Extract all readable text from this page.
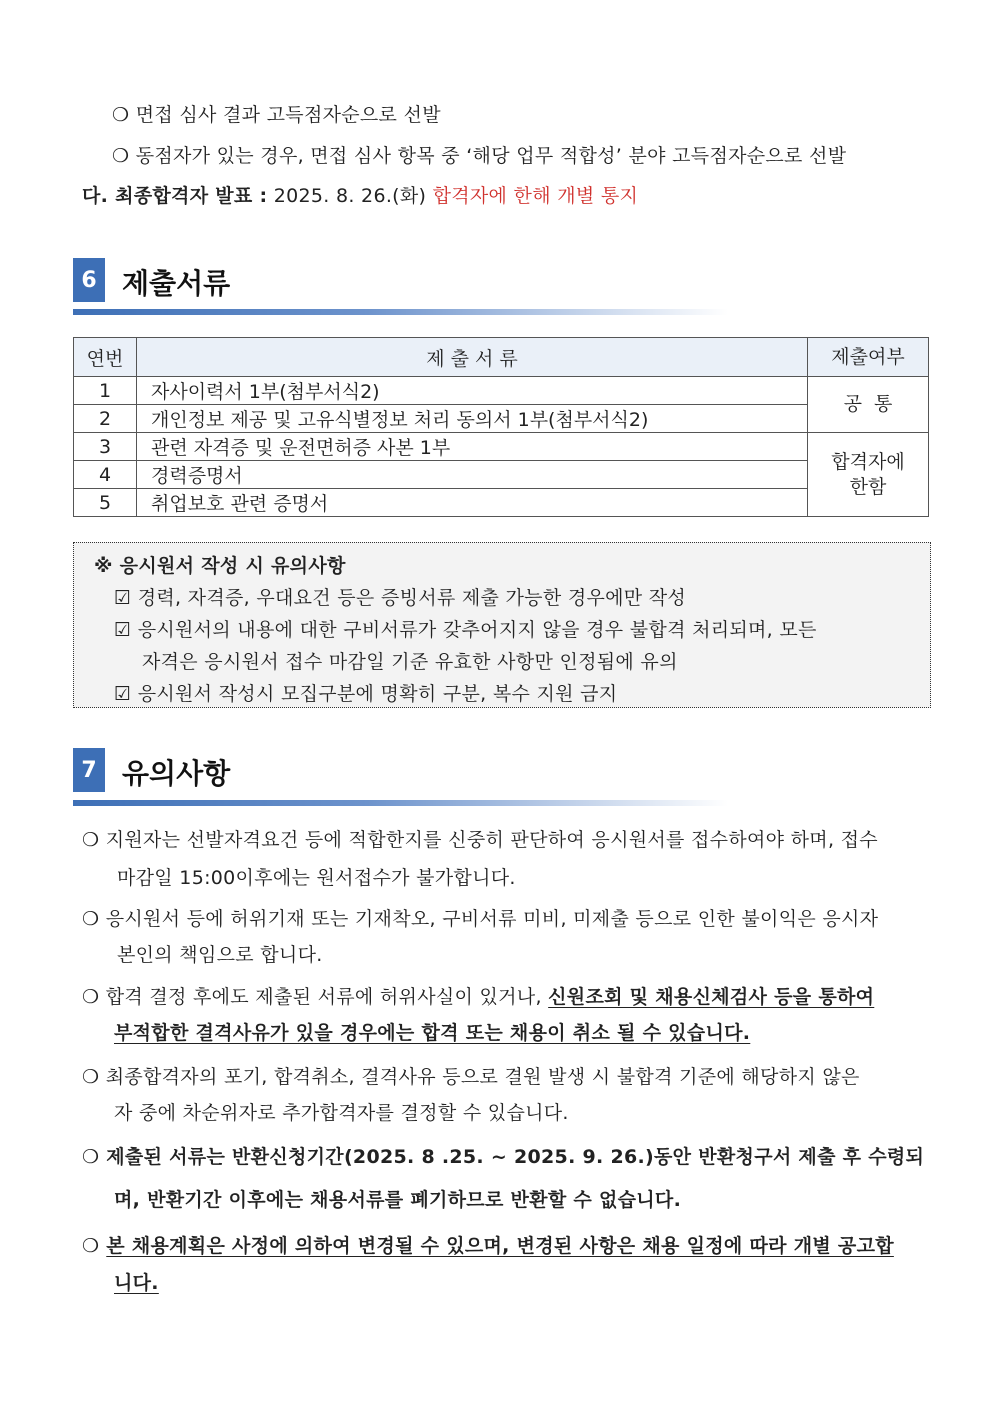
❍ 면접 심사 결과 고득점자순으로 선발
❍ 동점자가 있는 경우, 면접 심사 항목 중 ‘해당 업무 적합성’ 분야 고득점자순으로 선발
다. 최종합격자 발표 : 2025. 8. 26.(화) 합격자에 한해 개별 통지
6 제출서류
연번	제 출 서 류	제출여부
1	자사이력서 1부(첨부서식2)	공  통
2	개인정보 제공 및 고유식별정보 처리 동의서 1부(첨부서식2)	
3	관련 자격증 및 운전면허증 사본 1부	합격자에
한함

4	경력증명서	
5	취업보호 관련 증명서	
※ 응시원서 작성 시 유의사항
☑ 경력, 자격증, 우대요건 등은 증빙서류 제출 가능한 경우에만 작성
☑ 응시원서의 내용에 대한 구비서류가 갖추어지지 않을 경우 불합격 처리되며, 모든
자격은 응시원서 접수 마감일 기준 유효한 사항만 인정됨에 유의
☑ 응시원서 작성시 모집구분에 명확히 구분, 복수 지원 금지
7 유의사항
❍ 지원자는 선발자격요건 등에 적합한지를 신중히 판단하여 응시원서를 접수하여야 하며, 접수
마감일 15:00이후에는 원서접수가 불가합니다.
❍ 응시원서 등에 허위기재 또는 기재착오, 구비서류 미비, 미제출 등으로 인한 불이익은 응시자
본인의 책임으로 합니다.
❍ 합격 결정 후에도 제출된 서류에 허위사실이 있거나, 신원조회 및 채용신체검사 등을 통하여
부적합한 결격사유가 있을 경우에는 합격 또는 채용이 취소 될 수 있습니다.
❍ 최종합격자의 포기, 합격취소, 결격사유 등으로 결원 발생 시 불합격 기준에 해당하지 않은
자 중에 차순위자로 추가합격자를 결정할 수 있습니다.
❍ 제출된 서류는 반환신청기간(2025. 8 .25. ~ 2025. 9. 26.)동안 반환청구서 제출 후 수령되
며, 반환기간 이후에는 채용서류를 폐기하므로 반환할 수 없습니다.
❍ 본 채용계획은 사정에 의하여 변경될 수 있으며, 변경된 사항은 채용 일정에 따라 개별 공고합
니다.
